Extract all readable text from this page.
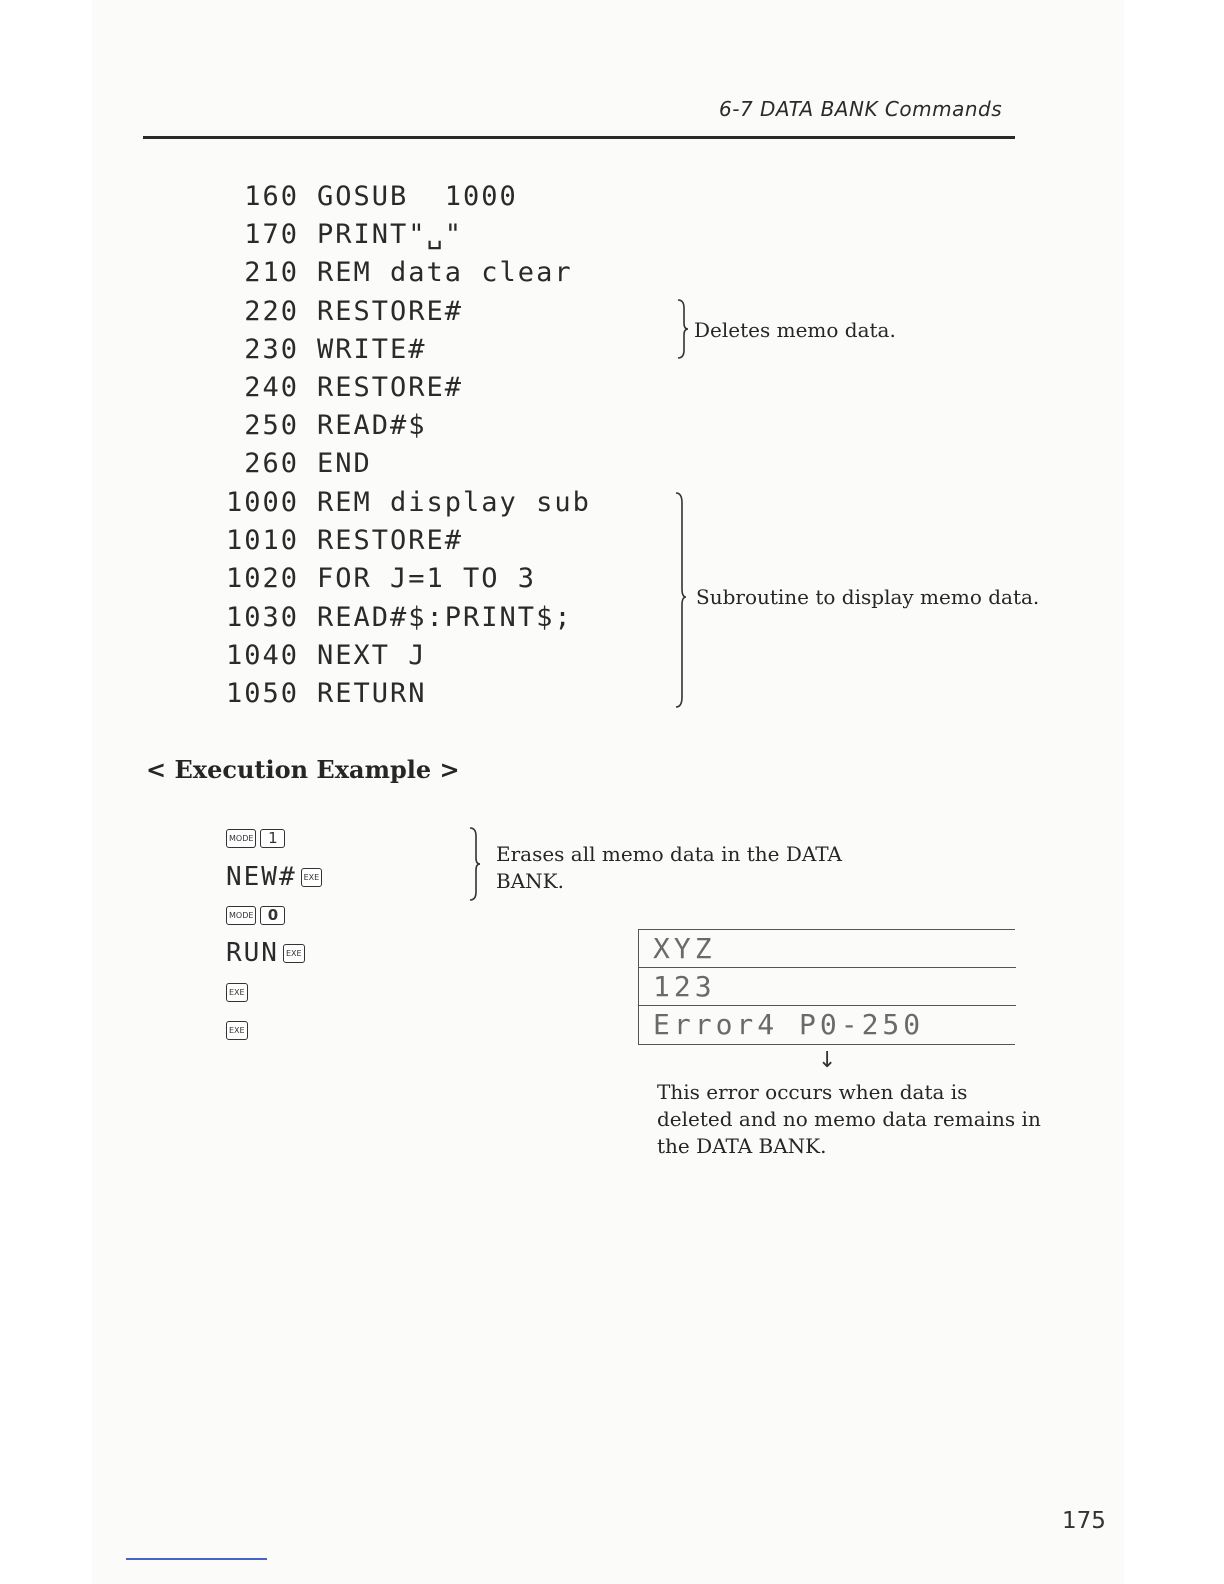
6-7 DATA BANK Commands
160 GOSUB  1000
170 PRINT"␣"
210 REM data clear
220 RESTORE#
230 WRITE#
240 RESTORE#
250 READ#$
260 END
1000 REM display sub
1010 RESTORE#
1020 FOR J=1 TO 3
1030 READ#$:PRINT$;
1040 NEXT J
1050 RETURN
Deletes memo data.
Subroutine to display memo data.
< Execution Example >
MODE 1
NEW# EXE
MODE 0
RUN EXE
EXE
EXE
Erases all memo data in the DATA
BANK.
XYZ
123
Error4 P0-250
↓
This error occurs when data is
deleted and no memo data remains in
the DATA BANK.
175
